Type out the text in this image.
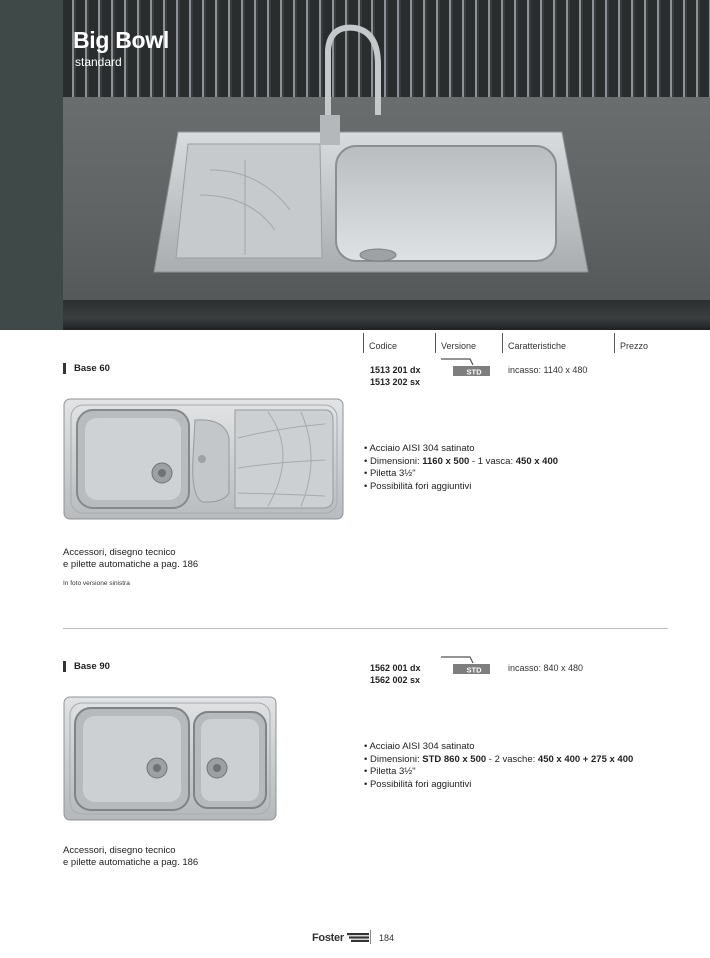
Big Bowl
standard
Codice	Versione	Caratteristiche	Prezzo
Base 60	1513 201 dx
1513 202 sx
STD	incasso: 1140 x 480
• Acciaio AISI 304 satinato
• Dimensioni: 1160 x 500 - 1 vasca: 450 x 400
• Piletta 3½"
• Possibilità fori aggiuntivi
Accessori, disegno tecnico
e pilette automatiche a pag. 186
In foto versione sinistra
Base 90	1562 001 dx
1562 002 sx
STD	incasso: 840 x 480
• Acciaio AISI 304 satinato
• Dimensioni: STD 860 x 500 - 2 vasche: 450 x 400 + 275 x 400
• Piletta 3½"
• Possibilità fori aggiuntivi
Accessori, disegno tecnico
e pilette automatiche a pag. 186
Foster	184
